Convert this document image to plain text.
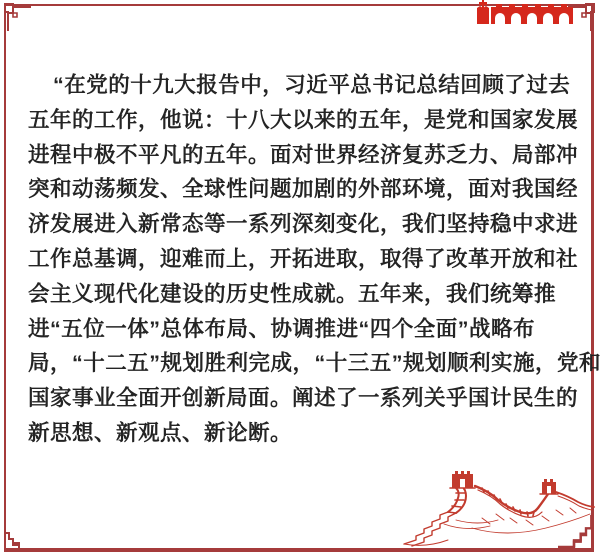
“在党的十九大报告中，习近平总书记总结回顾了过去
五年的工作，他说：十八大以来的五年，是党和国家发展
进程中极不平凡的五年。面对世界经济复苏乏力、局部冲
突和动荡频发、全球性问题加剧的外部环境，面对我国经
济发展进入新常态等一系列深刻变化，我们坚持稳中求进
工作总基调，迎难而上，开拓进取，取得了改革开放和社
会主义现代化建设的历史性成就。五年来，我们统筹推
进“五位一体”总体布局、协调推进“四个全面”战略布
局，“十二五”规划胜利完成，“十三五”规划顺利实施，党和
国家事业全面开创新局面。阐述了一系列关乎国计民生的
新思想、新观点、新论断。
